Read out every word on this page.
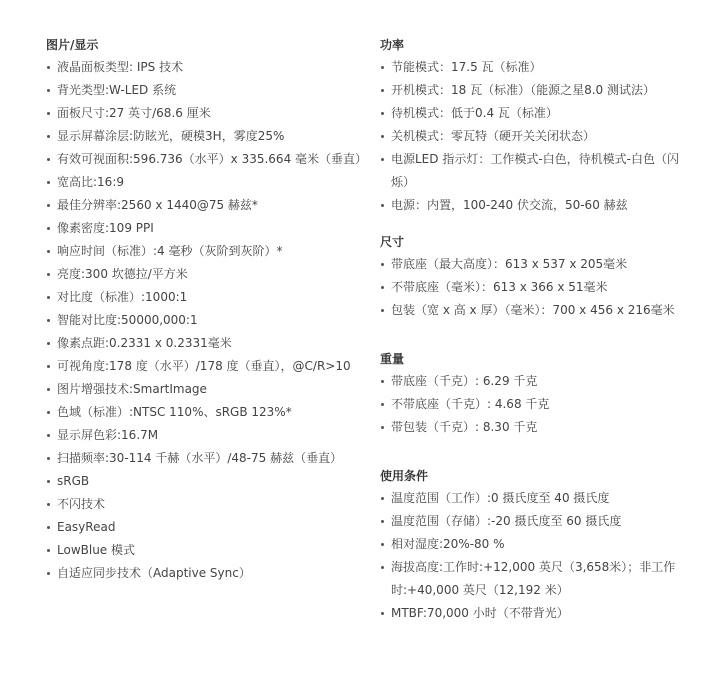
图片/显示
液晶面板类型: IPS 技术
背光类型:W-LED 系统
面板尺寸:27 英寸/68.6 厘米
显示屏幕涂层:防眩光，硬模3H，雾度25%
有效可视面积:596.736（水平）x 335.664 毫米（垂直）
宽高比:16:9
最佳分辨率:2560 x 1440@75 赫兹*
像素密度:109 PPI
响应时间（标准）:4 毫秒（灰阶到灰阶）*
亮度:300 坎德拉/平方米
对比度（标准）:1000:1
智能对比度:50000,000:1
像素点距:0.2331 x 0.2331毫米
可视角度:178 度（水平）/178 度（垂直），@C/R>10
图片增强技术:SmartImage
色域（标准）:NTSC 110%、sRGB 123%*
显示屏色彩:16.7M
扫描频率:30-114 千赫（水平）/48-75 赫兹（垂直）
sRGB
不闪技术
EasyRead
LowBlue 模式
自适应同步技术（Adaptive Sync）
功率
节能模式：17.5 瓦（标准）
开机模式：18 瓦（标准）（能源之星8.0 测试法）
待机模式：低于0.4 瓦（标准）
关机模式：零瓦特（硬开关关闭状态）
电源LED 指示灯：工作模式-白色，待机模式-白色（闪烁）
电源：内置，100-240 伏交流，50-60 赫兹
尺寸
带底座（最大高度）：613 x 537 x 205毫米
不带底座（毫米）：613 x 366 x 51毫米
包装（宽 x 高 x 厚）（毫米）：700 x 456 x 216毫米
重量
带底座（千克）: 6.29 千克
不带底座（千克）: 4.68 千克
带包装（千克）: 8.30 千克
使用条件
温度范围（工作）:0 摄氏度至 40 摄氏度
温度范围（存储）:-20 摄氏度至 60 摄氏度
相对湿度:20%-80 %
海拔高度:工作时:+12,000 英尺（3,658米）；非工作时:+40,000 英尺（12,192 米）
MTBF:70,000 小时（不带背光）
